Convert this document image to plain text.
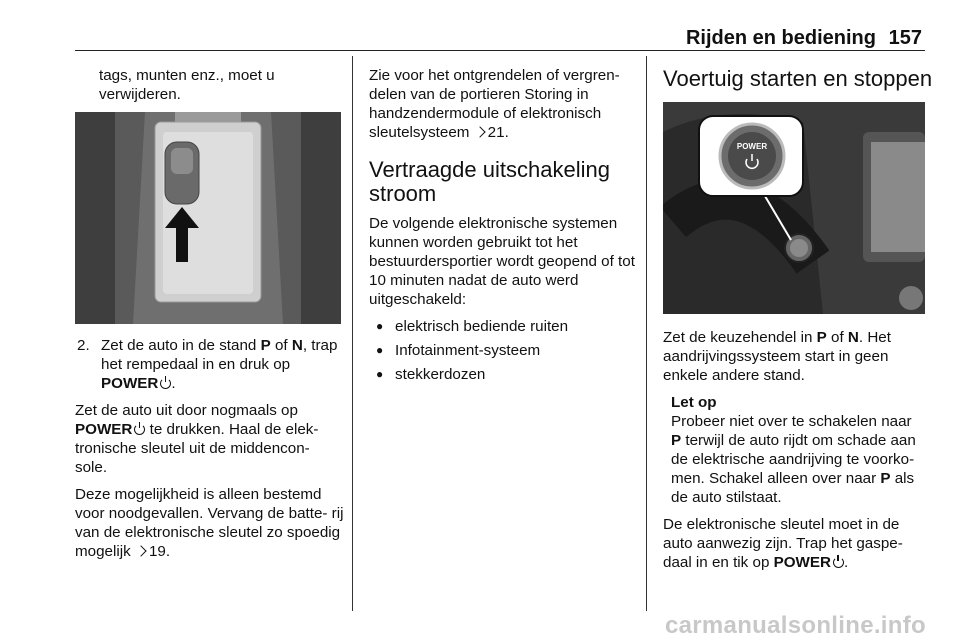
Rijden en bediening 157
tags, munten enz., moet u
verwijderen.
2. Zet de auto in de stand P of N, trap het rempedaal in en druk op POWER .

Zet de auto uit door nogmaals op POWER te drukken. Haal de elek- tronische sleutel uit de middencon- sole.

Deze mogelijkheid is alleen bestemd voor noodgevallen. Vervang de batte- rij van de elektronische sleutel zo spoedig mogelijk 19.

Zie voor het ontgrendelen of vergren- delen van de portieren Storing in handzendermodule of elektronisch sleutelsysteem 21.

Vertraagde uitschakeling stroom

De volgende elektronische systemen kunnen worden gebruikt tot het bestuurdersportier wordt geopend of tot 10 minuten nadat de auto werd uitgeschakeld:

● elektrisch bediende ruiten
● Infotainment-systeem
● stekkerdozen
Voertuig starten en stoppen
POWER

Zet de keuzehendel in P of N. Het aandrijvingssysteem start in geen enkele andere stand.

Let op
Probeer niet over te schakelen naar P terwijl de auto rijdt om schade aan de elektrische aandrijving te voorko- men. Schakel alleen over naar P als de auto stilstaat.

De elektronische sleutel moet in de auto aanwezig zijn. Trap het gaspe- daal in en tik op POWER .

carmanualsonline.info
